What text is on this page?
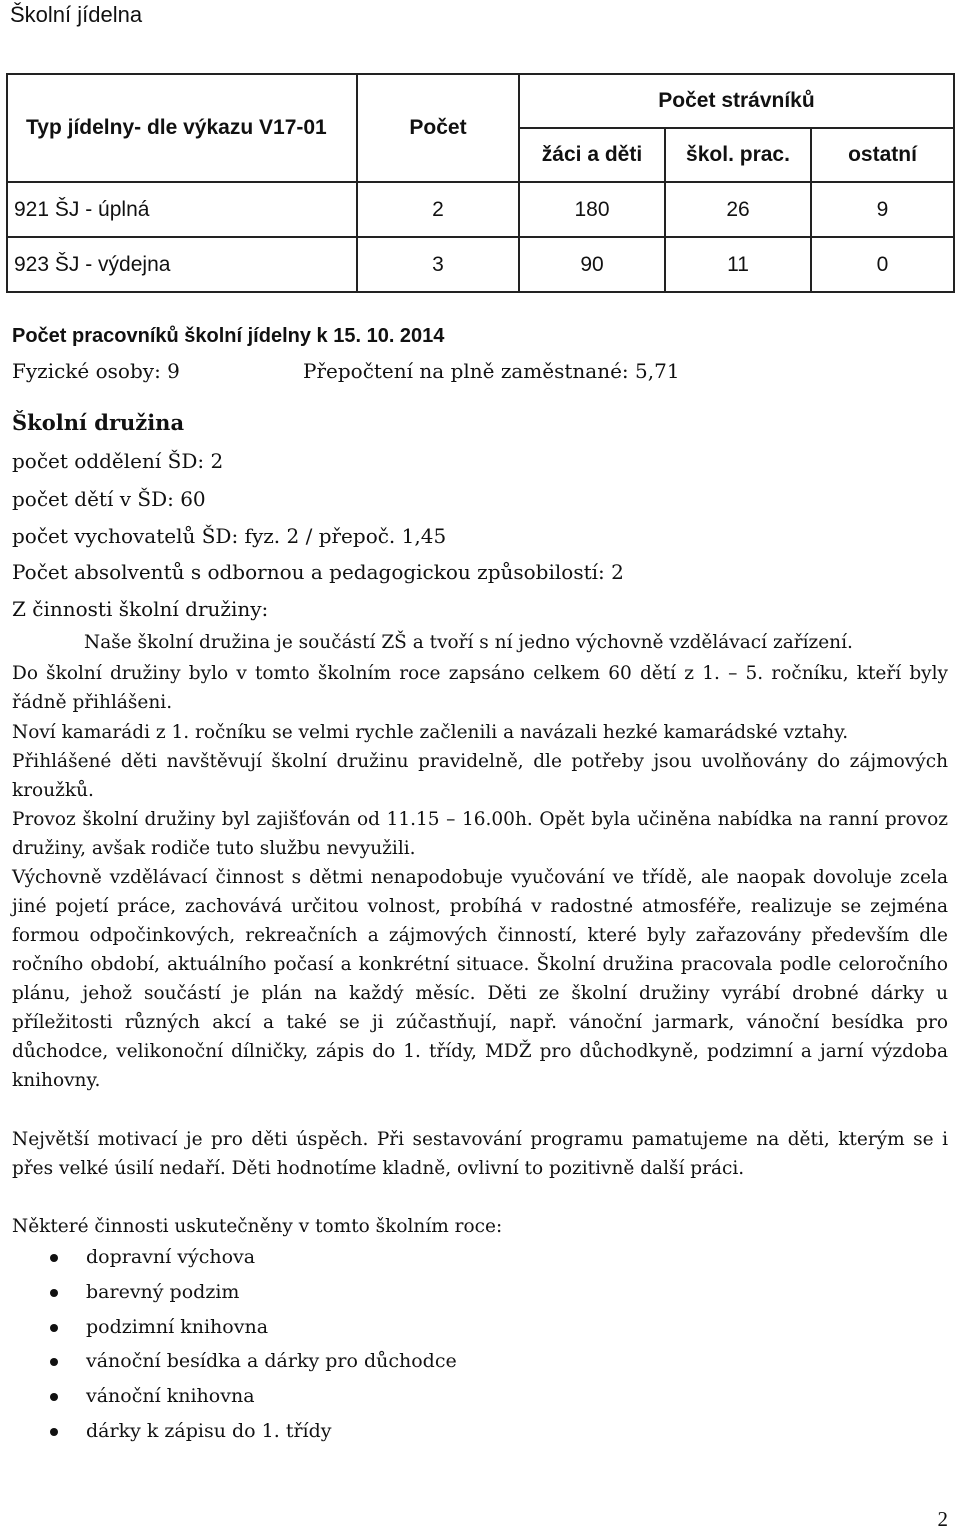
Školní jídelna
Typ jídelny- dle výkazu V17-01	Počet	Počet strávníků		
		žáci a děti	škol. prac.	ostatní
921 ŠJ - úplná	2	180	26	9
923 ŠJ - výdejna	3	90	11	0
Počet pracovníků školní jídelny k 15. 10. 2014
Fyzické osoby: 9	Přepočtení na plně zaměstnané: 5,71
Školní družina
počet oddělení ŠD: 2
počet dětí v ŠD: 60
počet vychovatelů ŠD: fyz. 2 / přepoč. 1,45
Počet absolventů s odbornou a pedagogickou způsobilostí: 2
Z činnosti školní družiny:
Naše školní družina je součástí ZŠ a tvoří s ní jedno výchovně vzdělávací zařízení.
Do školní družiny bylo v tomto školním roce zapsáno celkem 60 dětí z 1. – 5. ročníku, kteří byly řádně přihlášeni.
Noví kamarádi z 1. ročníku se velmi rychle začlenili a navázali hezké kamarádské vztahy.
Přihlášené děti navštěvují školní družinu pravidelně, dle potřeby jsou uvolňovány do zájmových kroužků.
Provoz školní družiny byl zajišťován od 11.15 – 16.00h. Opět byla učiněna nabídka na ranní provoz družiny, avšak rodiče tuto službu nevyužili.
Výchovně vzdělávací činnost s dětmi nenapodobuje vyučování ve třídě, ale naopak dovoluje zcela jiné pojetí práce, zachovává určitou volnost, probíhá v radostné atmosféře, realizuje se zejména formou odpočinkových, rekreačních a zájmových činností, které byly zařazovány především dle ročního období, aktuálního počasí a konkrétní situace. Školní družina pracovala podle celoročního plánu, jehož součástí je plán na každý měsíc. Děti ze školní družiny vyrábí drobné dárky u příležitosti různých akcí a také se ji zúčastňují, např. vánoční jarmark, vánoční besídka pro důchodce, velikonoční dílničky, zápis do 1. třídy, MDŽ pro důchodkyně, podzimní a jarní výzdoba knihovny.
Největší motivací je pro děti úspěch. Při sestavování programu pamatujeme na děti, kterým se i přes velké úsilí nedaří. Děti hodnotíme kladně, ovlivní to pozitivně další práci.
Některé činnosti uskutečněny v tomto školním roce:
dopravní výchova
barevný podzim
podzimní knihovna
vánoční besídka a dárky pro důchodce
vánoční knihovna
dárky k zápisu do 1. třídy
2
